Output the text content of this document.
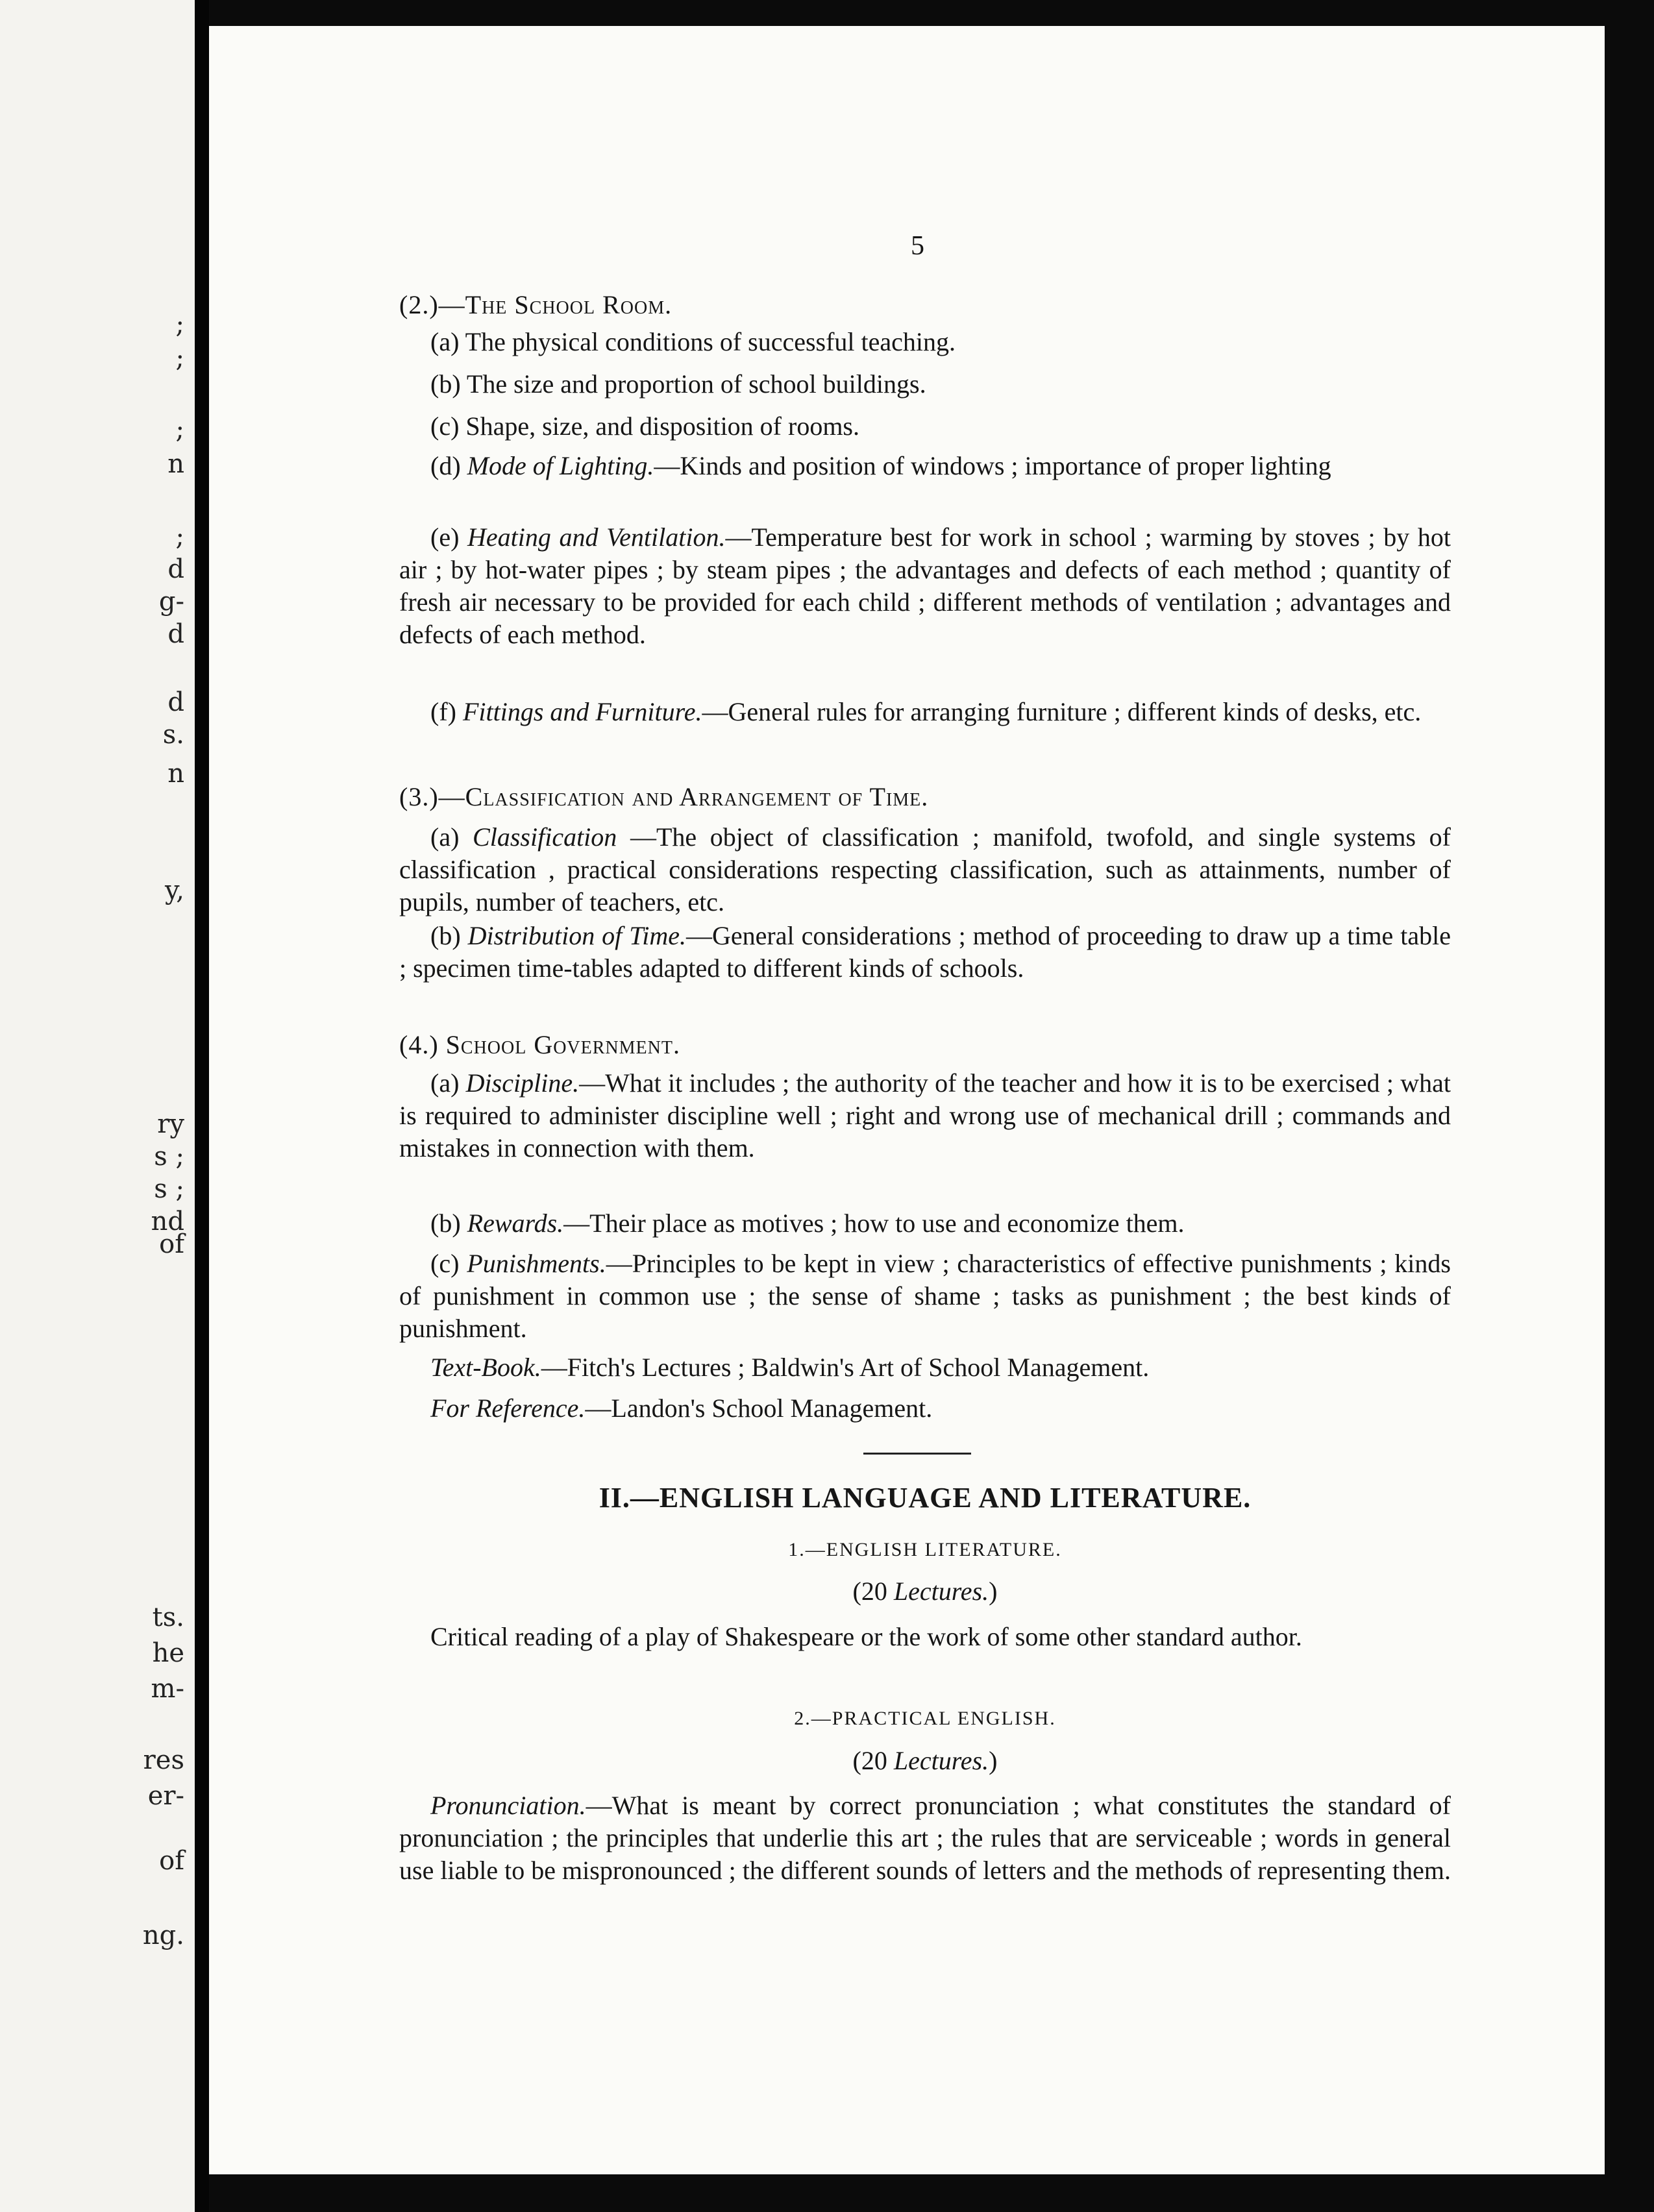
;
;
;
n
;
d
g-
d
d
s.
n
y,
ry
s ;
s ;
nd
of
ts.
he
m-
res
er-
of
ng.
5
(2.)—The School Room.
(a) The physical conditions of successful teaching.
(b) The size and proportion of school buildings.
(c) Shape, size, and disposition of rooms.
(d) Mode of Lighting.—Kinds and position of windows ; importance of proper lighting
(e) Heating and Ventilation.—Temperature best for work in school ; warming by stoves ; by hot air ; by hot-water pipes ; by steam pipes ; the advantages and defects of each method ; quantity of fresh air necessary to be provided for each child ; different methods of ventilation ; advantages and defects of each method.
(f) Fittings and Furniture.—General rules for arranging furniture ; different kinds of desks, etc.
(3.)—Classification and Arrangement of Time.
(a) Classification —The object of classification ; manifold, twofold, and single systems of classification , practical considerations respecting classification, such as attainments, number of pupils, number of teachers, etc.
(b) Distribution of Time.—General considerations ; method of proceeding to draw up a time table ; specimen time-tables adapted to different kinds of schools.
(4.) School Government.
(a) Discipline.—What it includes ; the authority of the teacher and how it is to be exercised ; what is required to administer discipline well ; right and wrong use of mechanical drill ; commands and mistakes in connection with them.
(b) Rewards.—Their place as motives ; how to use and economize them.
(c) Punishments.—Principles to be kept in view ; characteristics of effective punishments ; kinds of punishment in common use ; the sense of shame ; tasks as punishment ; the best kinds of punishment.
Text-Book.—Fitch's Lectures ; Baldwin's Art of School Management.
For Reference.—Landon's School Management.
II.—ENGLISH LANGUAGE AND LITERATURE.
1.—ENGLISH LITERATURE.
(20 Lectures.)
Critical reading of a play of Shakespeare or the work of some other standard author.
2.—PRACTICAL ENGLISH.
(20 Lectures.)
Pronunciation.—What is meant by correct pronunciation ; what constitutes the standard of pronunciation ; the principles that underlie this art ; the rules that are serviceable ; words in general use liable to be mispronounced ; the different sounds of letters and the methods of representing them.
